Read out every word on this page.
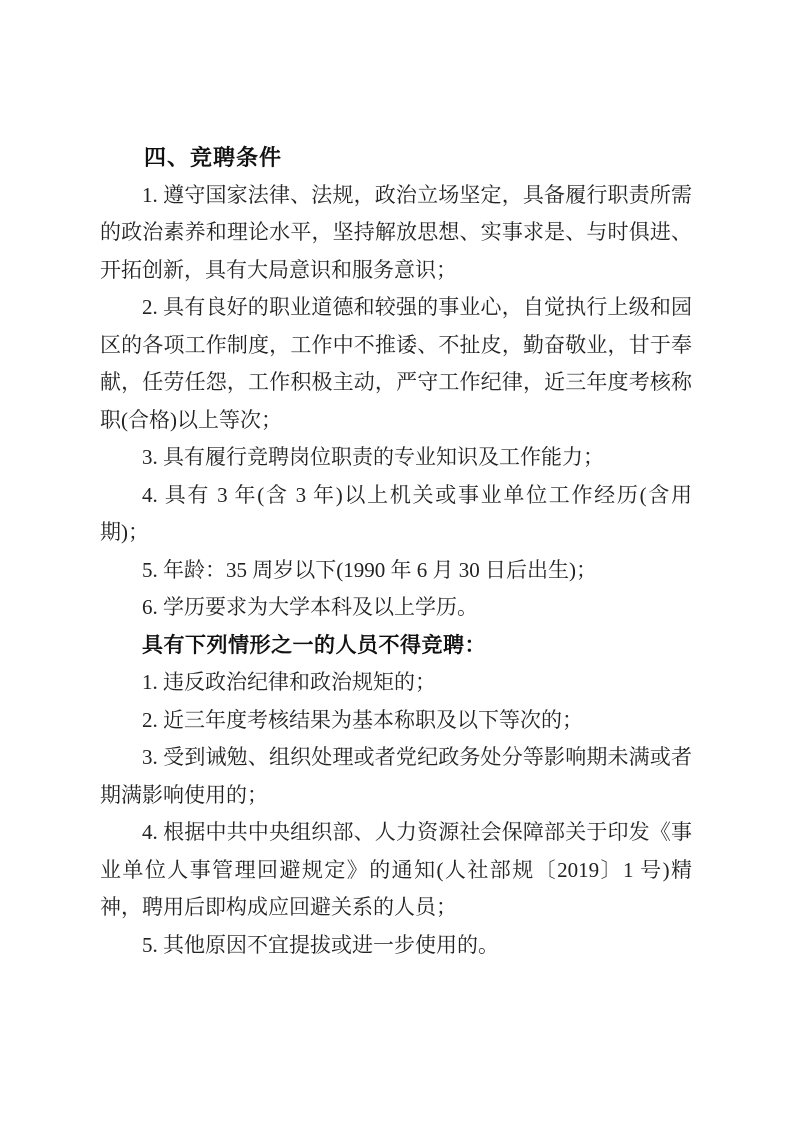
四、竞聘条件

1. 遵守国家法律、法规，政治立场坚定，具备履行职责所需的政治素养和理论水平，坚持解放思想、实事求是、与时俱进、开拓创新，具有大局意识和服务意识；

2. 具有良好的职业道德和较强的事业心，自觉执行上级和园区的各项工作制度，工作中不推诿、不扯皮，勤奋敬业，甘于奉献，任劳任怨，工作积极主动，严守工作纪律，近三年度考核称职(合格)以上等次；

3. 具有履行竞聘岗位职责的专业知识及工作能力；

4. 具有 3 年(含 3 年)以上机关或事业单位工作经历(含用期)；

5. 年龄：35 周岁以下(1990 年 6 月 30 日后出生)；

6. 学历要求为大学本科及以上学历。

具有下列情形之一的人员不得竞聘：

1. 违反政治纪律和政治规矩的；

2. 近三年度考核结果为基本称职及以下等次的；

3. 受到诫勉、组织处理或者党纪政务处分等影响期未满或者期满影响使用的；

4. 根据中共中央组织部、人力资源社会保障部关于印发《事业单位人事管理回避规定》的通知(人社部规〔2019〕1 号)精神，聘用后即构成应回避关系的人员；

5. 其他原因不宜提拔或进一步使用的。
